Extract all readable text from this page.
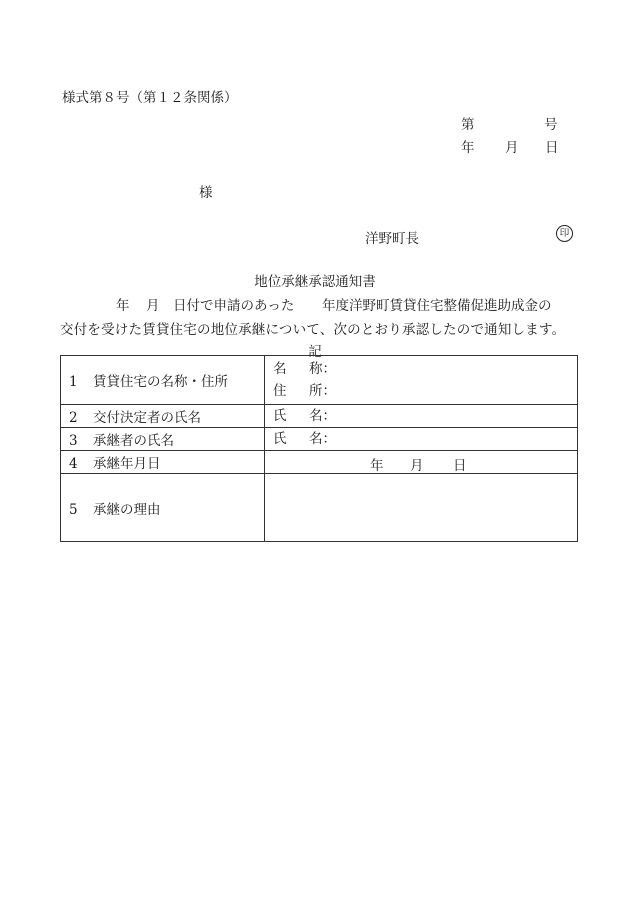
様式第８号（第１２条関係）
第	号
年 月 日
様
洋野町長	印
地位承継承認通知書
年 月 日付で申請のあった 年度洋野町賃貸住宅整備促進助成金の
交付を受けた賃貸住宅の地位承継について、次のとおり承認したので通知します。
記
1 賃貸住宅の名称・住所	名 称：
住 所：

2 交付決定者の氏名	氏 名：

3 承継者の氏名	氏 名：

4 承継年月日	年 月 日

5 承継の理由	
